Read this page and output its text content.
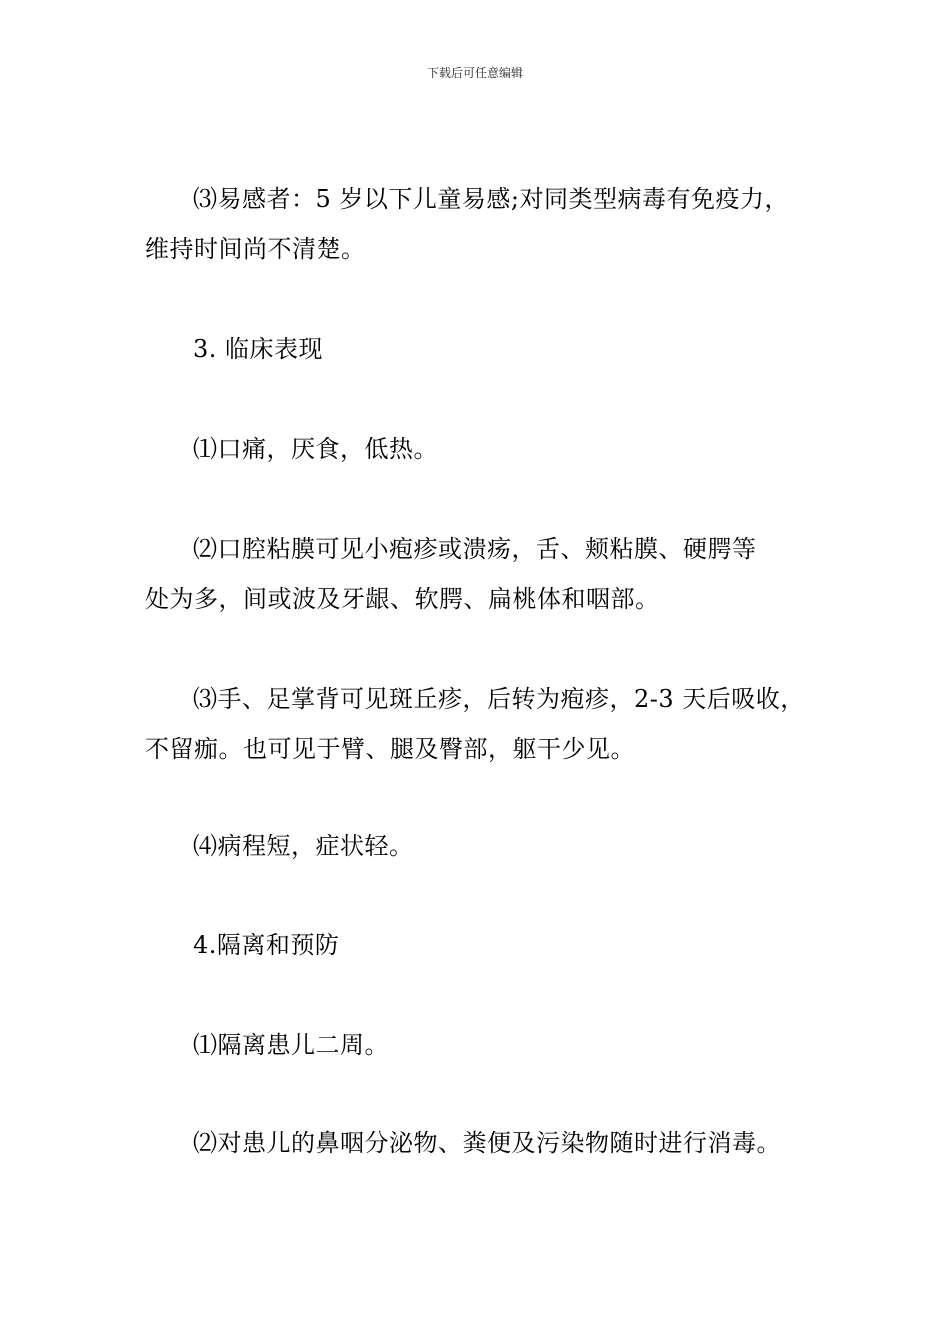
下载后可任意编辑
⑶易感者：5 岁以下儿童易感;对同类型病毒有免疫力，
维持时间尚不清楚。
3. 临床表现
⑴口痛，厌食，低热。
⑵口腔粘膜可见小疱疹或溃疡，舌、颊粘膜、硬腭等
处为多，间或波及牙龈、软腭、扁桃体和咽部。
⑶手、足掌背可见斑丘疹，后转为疱疹，2-3 天后吸收，
不留痂。也可见于臂、腿及臀部，躯干少见。
⑷病程短，症状轻。
4.隔离和预防
⑴隔离患儿二周。
⑵对患儿的鼻咽分泌物、粪便及污染物随时进行消毒。
